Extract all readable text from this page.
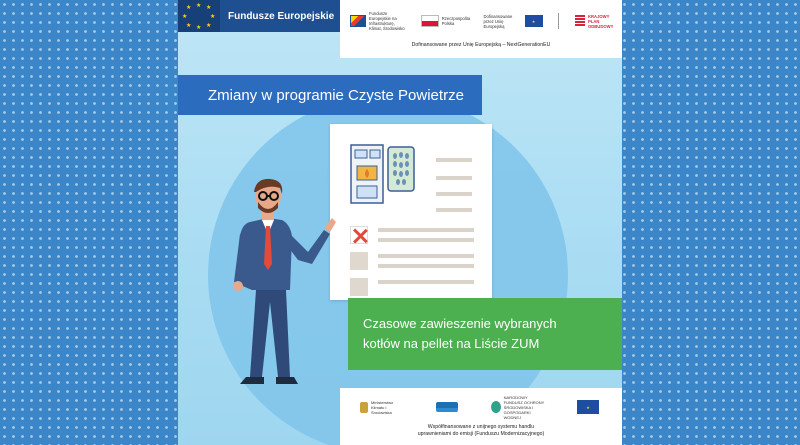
★ ★ ★
★	★
★ ★ ★
Fundusze Europejskie	Fundusze Europejskie na Infrastrukturę, Klimat, Środowisko
Rzeczpospolita Polska
Dofinansowane przez Unię Europejską
★
KRAJOWY PLAN ODBUDOWY
Dofinansowane przez Unię Europejską – NextGenerationEU
Zmiany w programie Czyste Powietrze
Czasowe zawieszenie wybranych
kotłów na pellet na Liście ZUM
Ministerstwo Klimatu i Środowiska
NARODOWY FUNDUSZ OCHRONY ŚRODOWISKA I GOSPODARKI WODNEJ
★
Współfinansowane z unijnego systemu handlu
uprawnieniami do emisji (Funduszu Modernizacyjnego)
